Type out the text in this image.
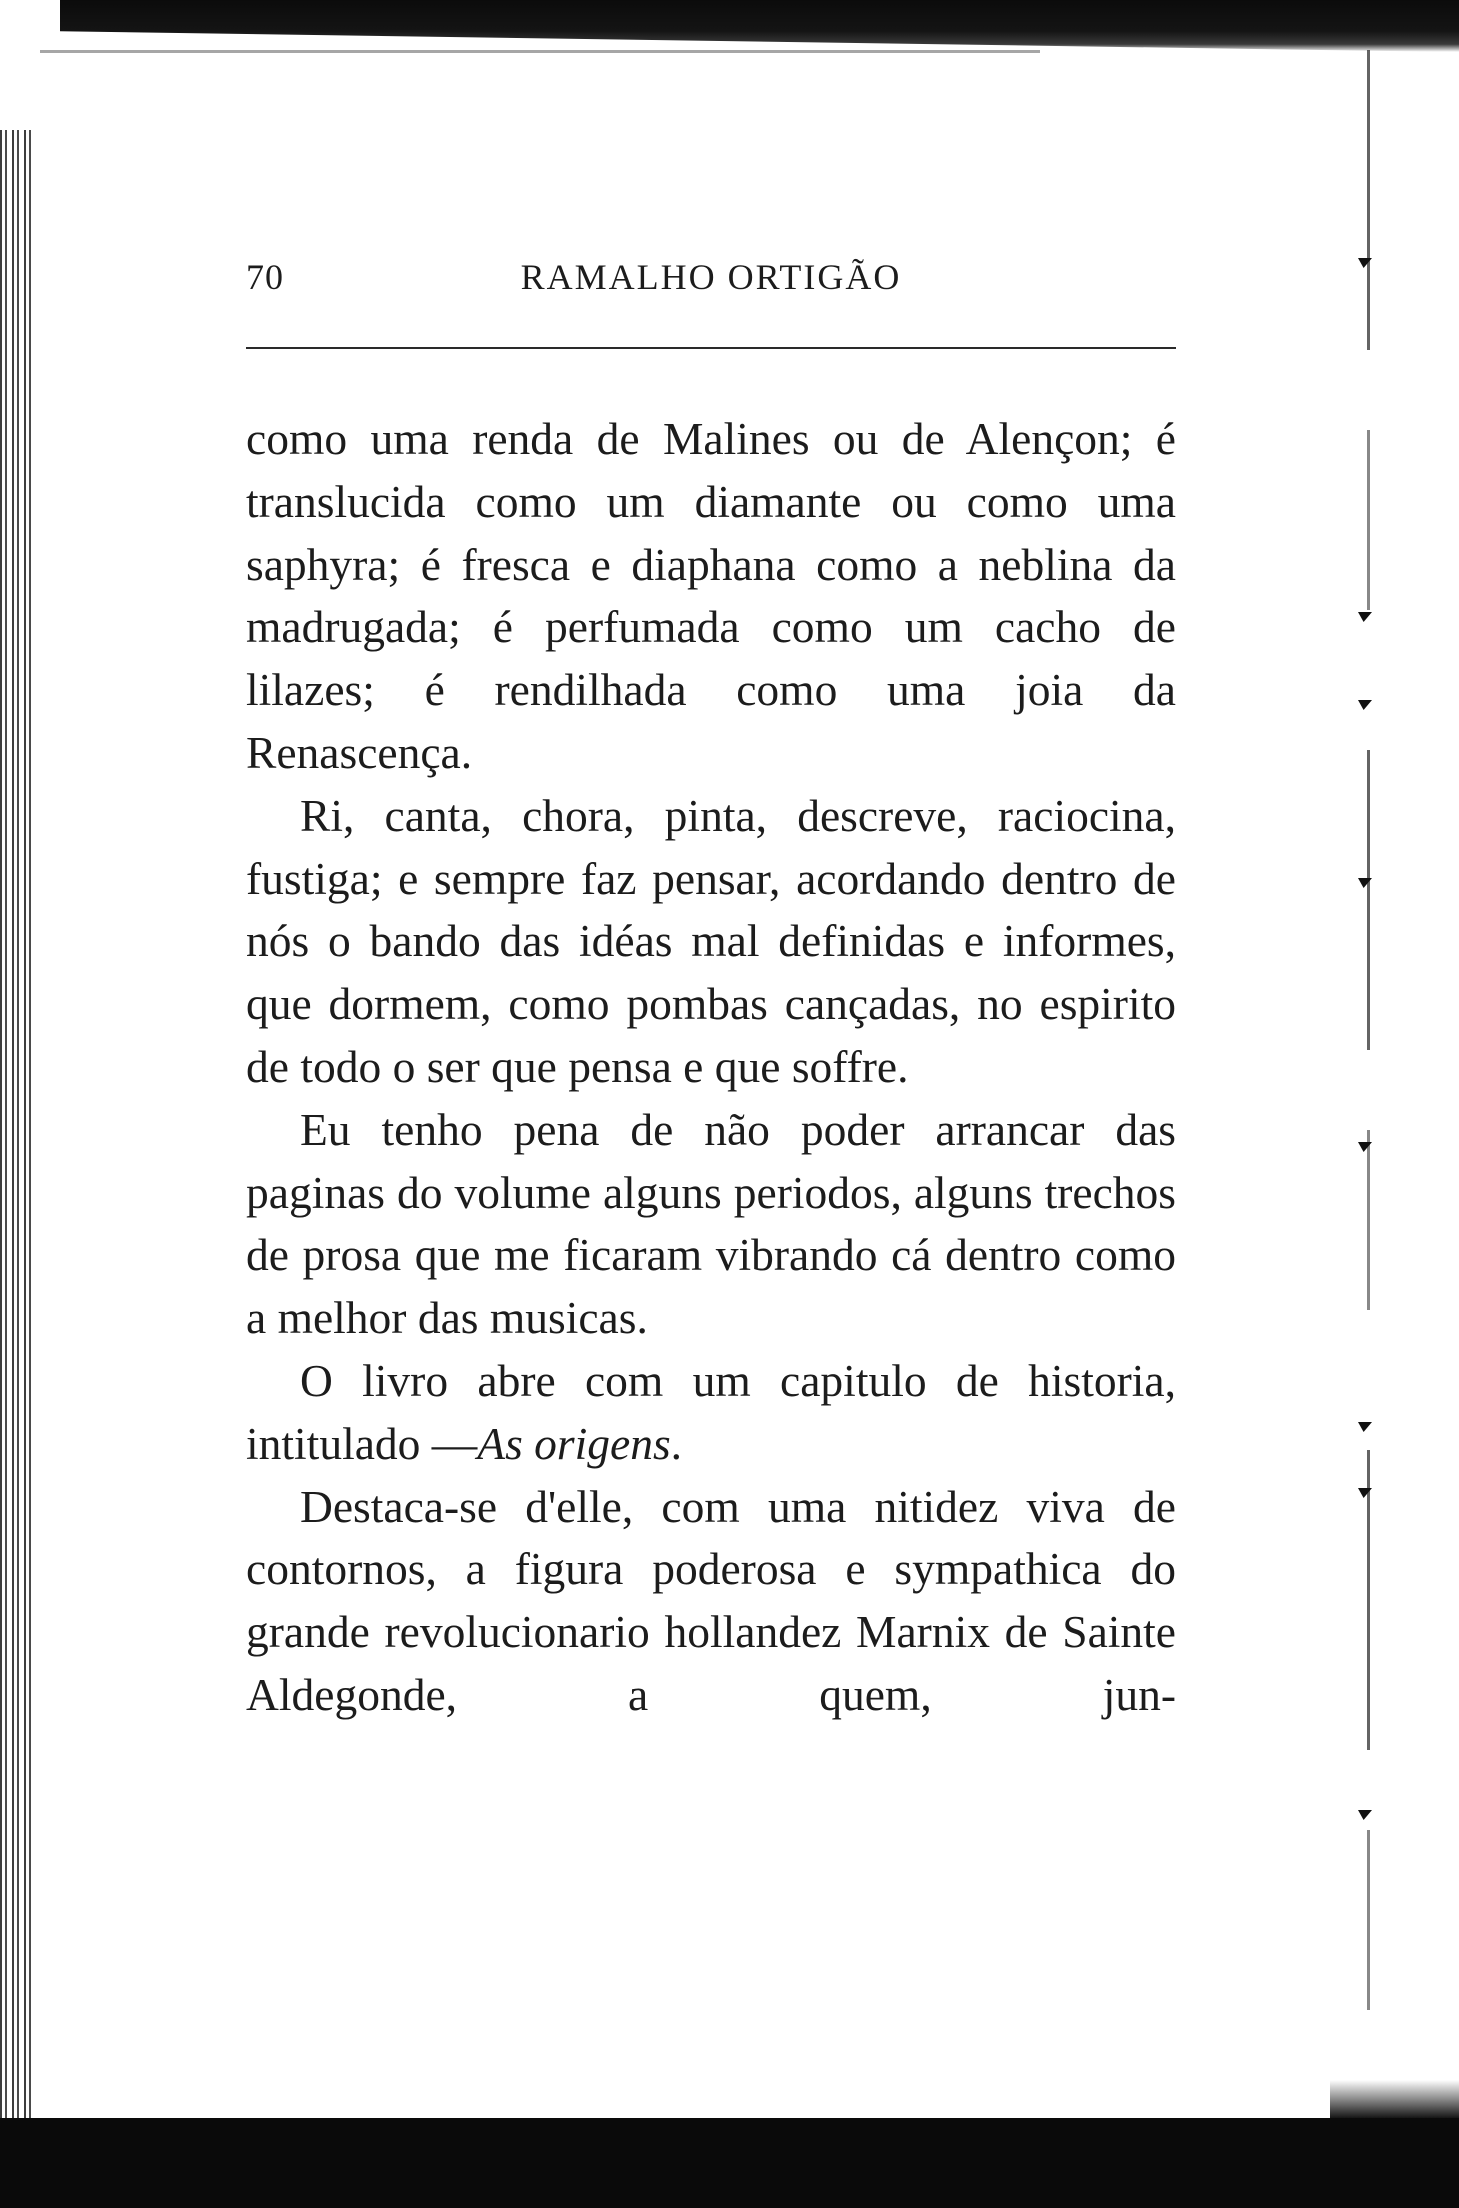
70	RAMALHO ORTIGÃO

como uma renda de Malines ou de Alençon; é translucida como um diamante ou como uma saphyra; é fresca e diaphana como a neblina da madrugada; é perfumada como um cacho de lilazes; é rendilhada como uma joia da Renascença.

Ri, canta, chora, pinta, descreve, raciocina, fustiga; e sempre faz pensar, acordando dentro de nós o bando das idéas mal definidas e informes, que dormem, como pombas cançadas, no espirito de todo o ser que pensa e que soffre.

Eu tenho pena de não poder arrancar das paginas do volume alguns periodos, alguns trechos de prosa que me ficaram vibrando cá dentro como a melhor das musicas.

O livro abre com um capitulo de historia, intitulado —As origens.

Destaca-se d'elle, com uma nitidez viva de contornos, a figura poderosa e sympathica do grande revolucionario hollandez Marnix de Sainte Aldegonde, a quem, jun-
